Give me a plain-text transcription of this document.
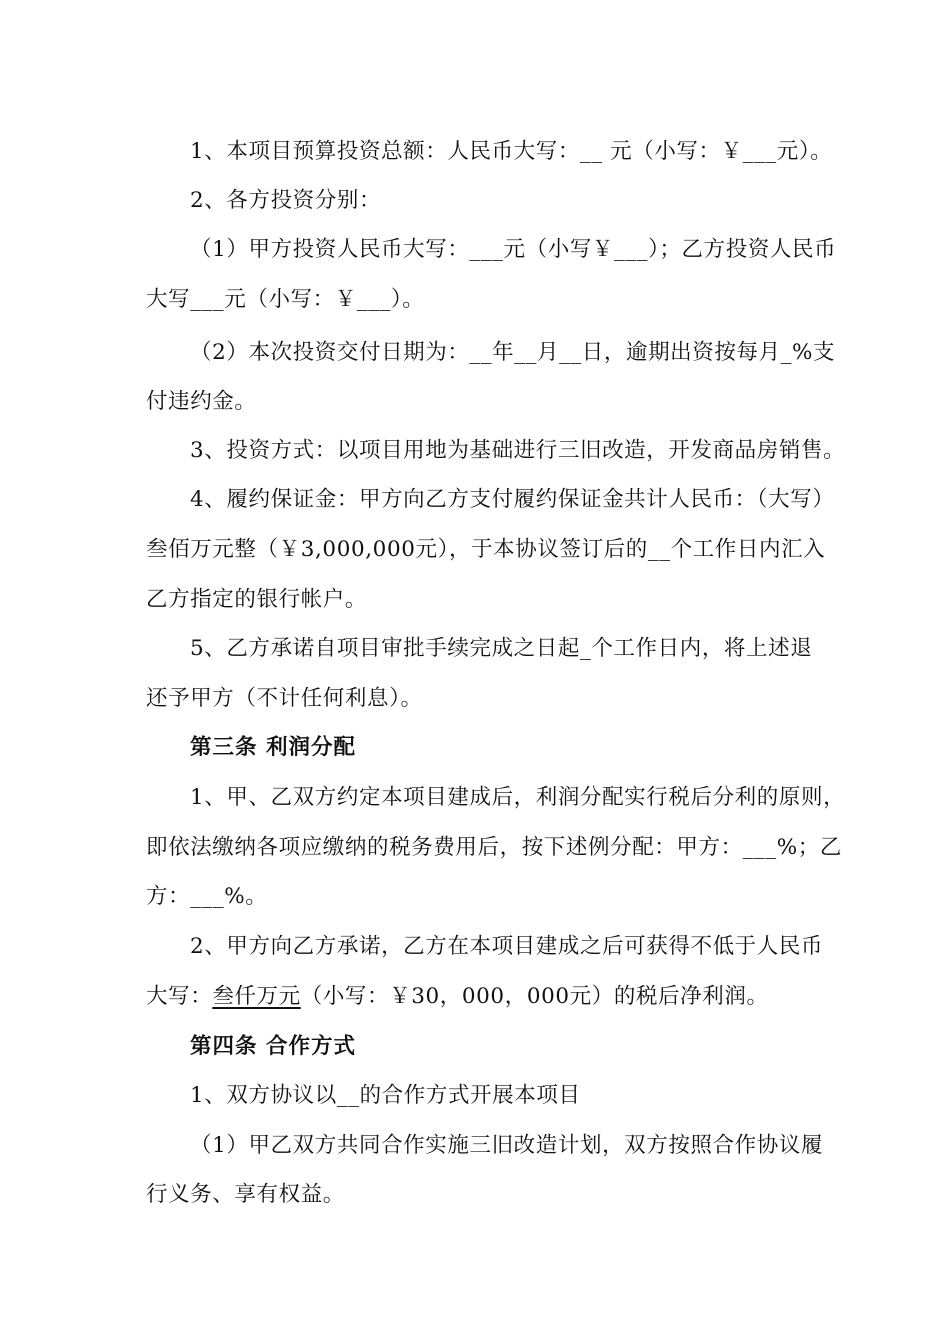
1、本项目预算投资总额：人民币大写：__ 元（小写：￥___元）。
2、各方投资分别：
（1）甲方投资人民币大写：___元（小写￥___）；乙方投资人民币
大写___元（小写：￥___）。
（2）本次投资交付日期为：__年__月__日，逾期出资按每月_%支
付违约金。
3、投资方式：以项目用地为基础进行三旧改造，开发商品房销售。
4、履约保证金：甲方向乙方支付履约保证金共计人民币：（大写）
叁佰万元整（￥3,000,000元），于本协议签订后的__个工作日内汇入
乙方指定的银行帐户。
5、乙方承诺自项目审批手续完成之日起_个工作日内，将上述退
还予甲方（不计任何利息）。
第三条 利润分配
1、甲、乙双方约定本项目建成后，利润分配实行税后分利的原则，
即依法缴纳各项应缴纳的税务费用后，按下述例分配：甲方：___%；乙
方：___%。
2、甲方向乙方承诺，乙方在本项目建成之后可获得不低于人民币
大写：叁仟万元（小写：￥30，000，000元）的税后净利润。
第四条 合作方式
1、双方协议以__的合作方式开展本项目
（1）甲乙双方共同合作实施三旧改造计划，双方按照合作协议履
行义务、享有权益。
